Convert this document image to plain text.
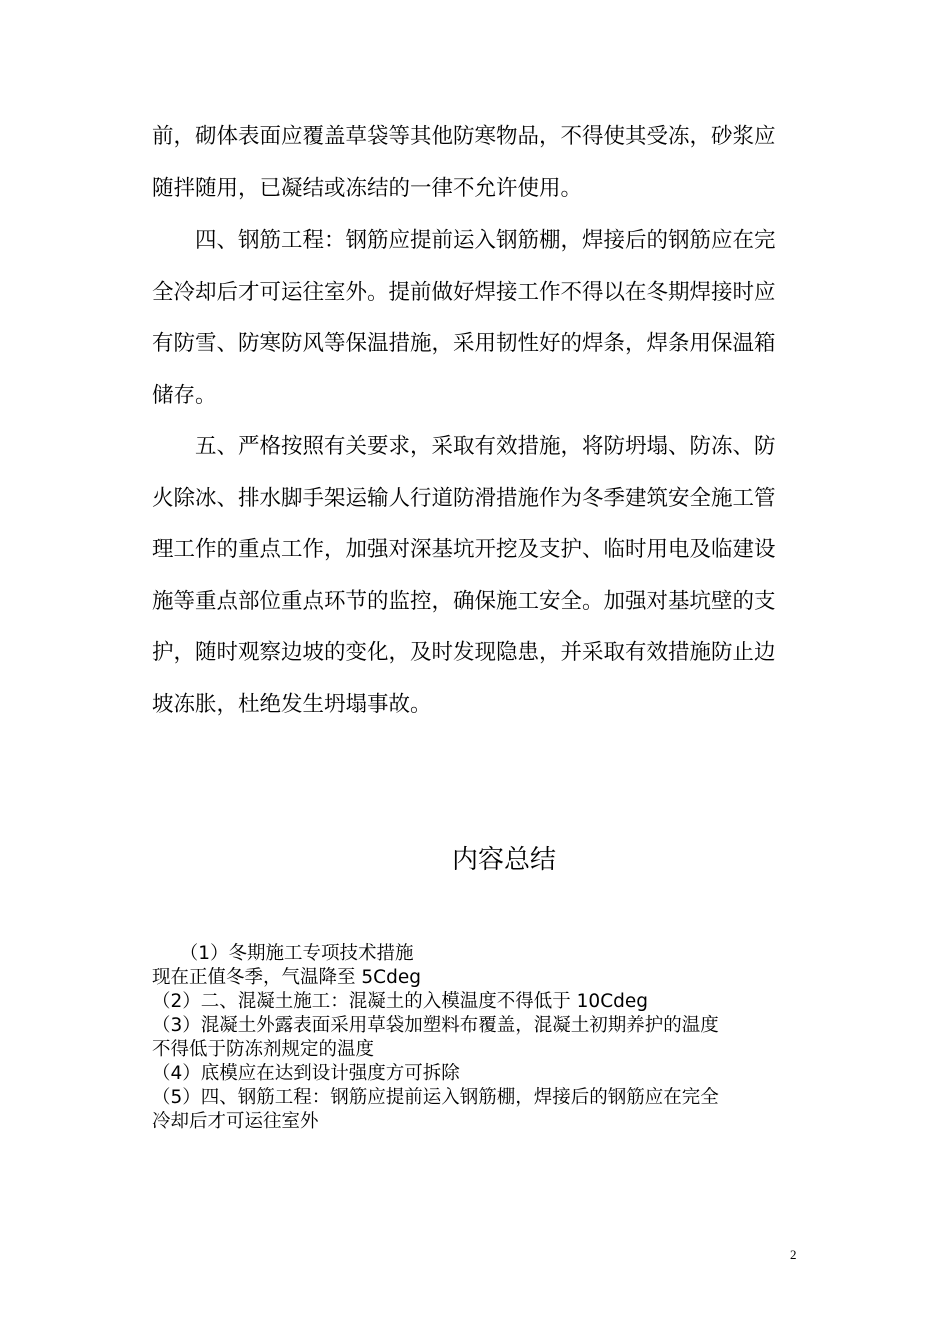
前，砌体表面应覆盖草袋等其他防寒物品，不得使其受冻，砂浆应
随拌随用，已凝结或冻结的一律不允许使用。
　　四、钢筋工程：钢筋应提前运入钢筋棚，焊接后的钢筋应在完
全冷却后才可运往室外。提前做好焊接工作不得以在冬期焊接时应
有防雪、防寒防风等保温措施，采用韧性好的焊条，焊条用保温箱
储存。
　　五、严格按照有关要求，采取有效措施，将防坍塌、防冻、防
火除冰、排水脚手架运输人行道防滑措施作为冬季建筑安全施工管
理工作的重点工作，加强对深基坑开挖及支护、临时用电及临建设
施等重点部位重点环节的监控，确保施工安全。加强对基坑壁的支
护，随时观察边坡的变化，及时发现隐患，并采取有效措施防止边
坡冻胀，杜绝发生坍塌事故。
内容总结
　　（1）冬期施工专项技术措施
现在正值冬季，气温降至 5Cdeg
（2）二、混凝土施工：混凝土的入模温度不得低于 10Cdeg
（3）混凝土外露表面采用草袋加塑料布覆盖，混凝土初期养护的温度
不得低于防冻剂规定的温度
（4）底模应在达到设计强度方可拆除
（5）四、钢筋工程：钢筋应提前运入钢筋棚，焊接后的钢筋应在完全
冷却后才可运往室外
2
